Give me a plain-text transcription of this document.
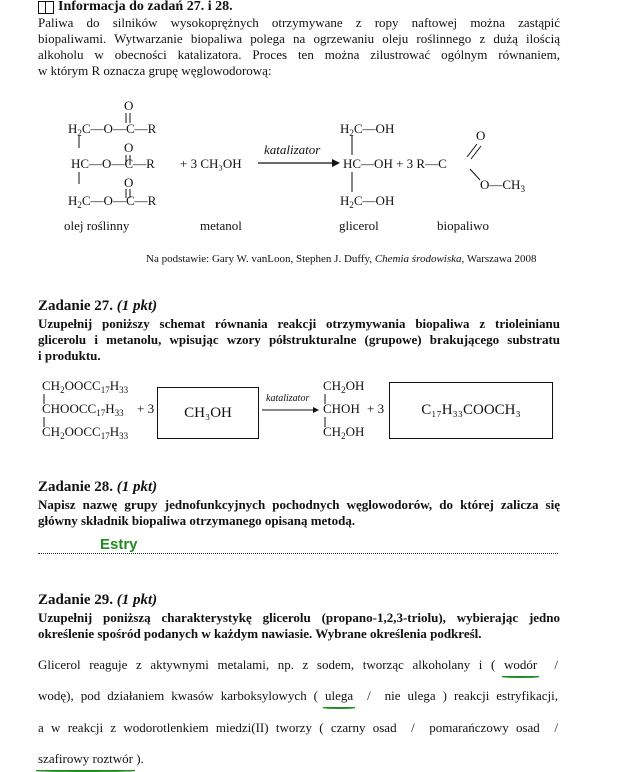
Informacja do zadań 27. i 28.
Paliwa do silników wysokoprężnych otrzymywane z ropy naftowej można zastąpić
biopaliwami. Wytwarzanie biopaliwa polega na ogrzewaniu oleju roślinnego z dużą ilością
alkoholu w obecności katalizatora. Proces ten można zilustrować ogólnym równaniem,
w którym R oznacza grupę węglowodorową:
O
$H_2C—O—C—R$
O
HC—O—C—R
O
$H_2C—O—C—R$
+ 3 CH₃OH
katalizator
$H_2C—OH$
HC—OH + 3 R—C
$H_2C—OH$
O
$O—CH_3$
olej roślinny	metanol	glicerol	biopaliwo
Na podstawie: Gary W. vanLoon, Stephen J. Duffy, Chemia środowiska, Warszawa 2008
Zadanie 27. (1 pkt)
Uzupełnij poniższy schemat równania reakcji otrzymywania biopaliwa z trioleinianu
glicerolu i metanolu, wpisując wzory półstrukturalne (grupowe) brakującego substratu
i produktu.
$CH_2OOCC_{17}H_{33}$
$CHOOCC_{17}H_{33}$
$CH_2OOCC_{17}H_{33}$
+ 3
katalizator
$CH_2OH$
CHOH
$CH_2OH$
+ 3
CH₃OH	C₁₇H₃₃COOCH₃
Zadanie 28. (1 pkt)
Napisz nazwę grupy jednofunkcyjnych pochodnych węglowodorów, do której zalicza się
główny składnik biopaliwa otrzymanego opisaną metodą.
Estry
Zadanie 29. (1 pkt)
Uzupełnij poniższą charakterystykę glicerolu (propano-1,2,3-triolu), wybierając jedno
określenie spośród podanych w każdym nawiasie. Wybrane określenia podkreśl.
Glicerol reaguje z aktywnymi metalami, np. z sodem, tworząc alkoholany i ( wodór  /
wodę), pod działaniem kwasów karboksylowych ( ulega  /  nie ulega ) reakcji estryfikacji,
a w reakcji z wodorotlenkiem miedzi(II) tworzy ( czarny osad  /  pomarańczowy osad  /
szafirowy roztwór ).
